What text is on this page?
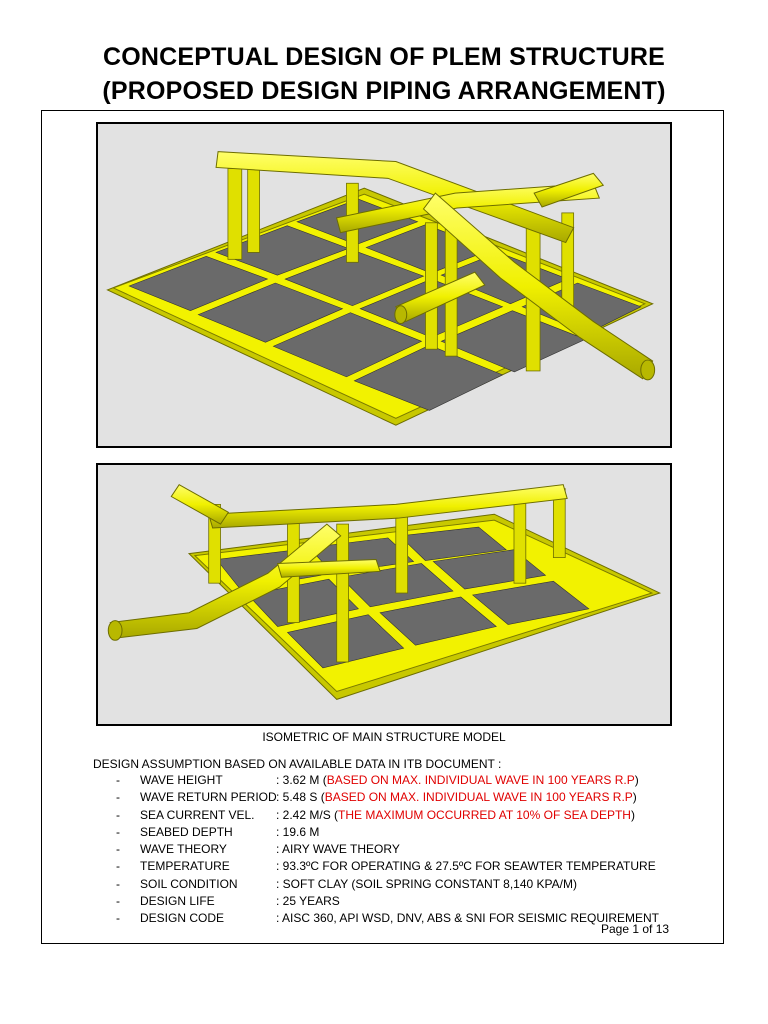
CONCEPTUAL DESIGN OF PLEM STRUCTURE
(PROPOSED DESIGN PIPING ARRANGEMENT)
ISOMETRIC OF MAIN STRUCTURE MODEL
DESIGN ASSUMPTION BASED ON AVAILABLE DATA IN ITB DOCUMENT :
- WAVE HEIGHT	: 3.62 M (BASED ON MAX. INDIVIDUAL WAVE IN 100 YEARS R.P)
- WAVE RETURN PERIOD : 5.48 S (BASED ON MAX. INDIVIDUAL WAVE IN 100 YEARS R.P)
- SEA CURRENT VEL. : 2.42 M/S (THE MAXIMUM OCCURRED AT 10% OF SEA DEPTH)
- SEABED DEPTH	: 19.6 M
- WAVE THEORY	: AIRY WAVE THEORY
- TEMPERATURE	: 93.3ºC FOR OPERATING & 27.5ºC FOR SEAWTER TEMPERATURE
- SOIL CONDITION	: SOFT CLAY (SOIL SPRING CONSTANT 8,140 KPA/M)
- DESIGN LIFE	: 25 YEARS
- DESIGN CODE	: AISC 360, API WSD, DNV, ABS & SNI FOR SEISMIC REQUIREMENT
Page 1 of 13
